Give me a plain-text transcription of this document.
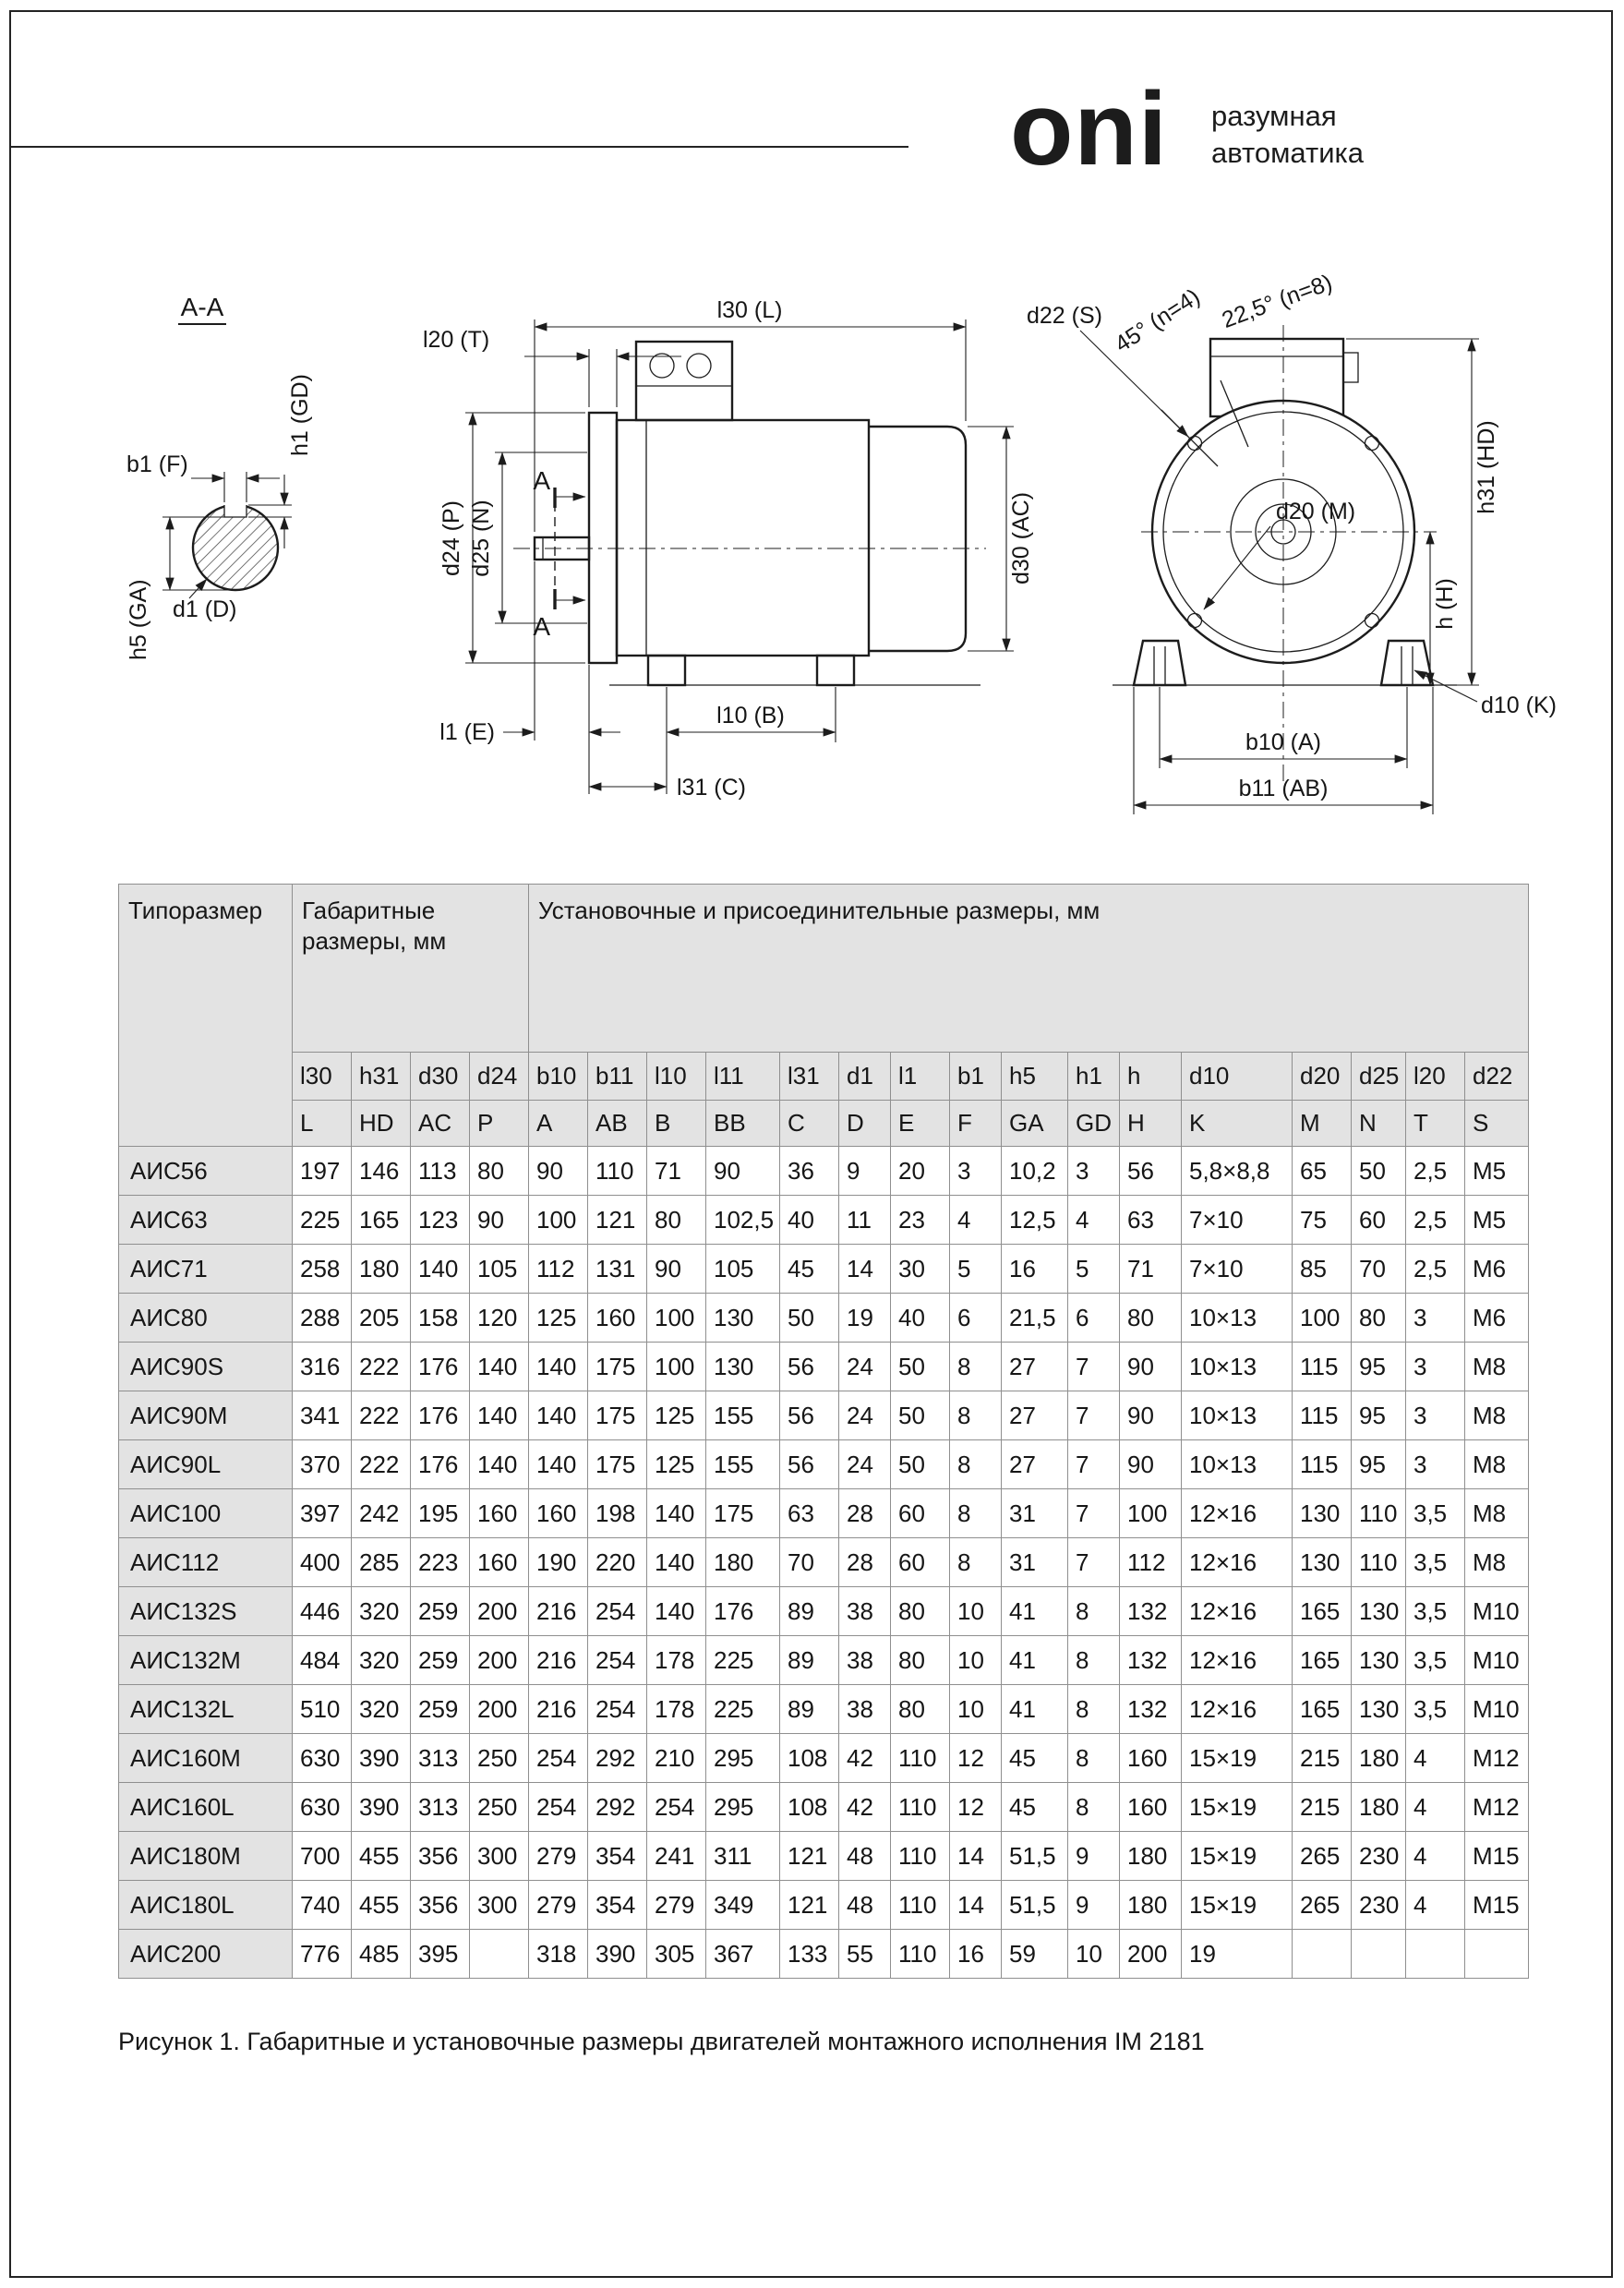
oni разумная
автоматика
A-A
b1 (F)
h1 (GD)
d1 (D)
h5 (GA)
A
A
l30 (L)
l20 (T)
d24 (P) d25 (N)	d30 (AC)
l1 (E)
l10 (B)
l31 (C)
d22 (S) 45° (n=4) 22,5° (n=8)
d20 (M)	h31 (HD)
h (H)
d10 (K)
b10 (A)
b11 (AB)
Типоразмер	Габаритные размеры, мм				Установочные и присоединительные размеры, мм															
	l30	h31	d30	d24	b10	b11	l10	l11	l31	d1	l1	b1	h5	h1	h	d10	d20	d25	l20	d22
	L	HD	AC	P	A	AB	B	BB	C	D	E	F	GA	GD	H	K	M	N	T	S
АИС56	197	146	113	80	90	110	71	90	36	9	20	3	10,2	3	56	5,8×8,8	65	50	2,5	M5
АИС63	225	165	123	90	100	121	80	102,5	40	11	23	4	12,5	4	63	7×10	75	60	2,5	M5
АИС71	258	180	140	105	112	131	90	105	45	14	30	5	16	5	71	7×10	85	70	2,5	M6
АИС80	288	205	158	120	125	160	100	130	50	19	40	6	21,5	6	80	10×13	100	80	3	M6
АИС90S	316	222	176	140	140	175	100	130	56	24	50	8	27	7	90	10×13	115	95	3	M8
АИС90M	341	222	176	140	140	175	125	155	56	24	50	8	27	7	90	10×13	115	95	3	M8
АИС90L	370	222	176	140	140	175	125	155	56	24	50	8	27	7	90	10×13	115	95	3	M8
АИС100	397	242	195	160	160	198	140	175	63	28	60	8	31	7	100	12×16	130	110	3,5	M8
АИС112	400	285	223	160	190	220	140	180	70	28	60	8	31	7	112	12×16	130	110	3,5	M8
АИС132S	446	320	259	200	216	254	140	176	89	38	80	10	41	8	132	12×16	165	130	3,5	M10
АИС132M	484	320	259	200	216	254	178	225	89	38	80	10	41	8	132	12×16	165	130	3,5	M10
АИС132L	510	320	259	200	216	254	178	225	89	38	80	10	41	8	132	12×16	165	130	3,5	M10
АИС160M	630	390	313	250	254	292	210	295	108	42	110	12	45	8	160	15×19	215	180	4	M12
АИС160L	630	390	313	250	254	292	254	295	108	42	110	12	45	8	160	15×19	215	180	4	M12
АИС180M	700	455	356	300	279	354	241	311	121	48	110	14	51,5	9	180	15×19	265	230	4	M15
АИС180L	740	455	356	300	279	354	279	349	121	48	110	14	51,5	9	180	15×19	265	230	4	M15
АИС200	776	485	395		318	390	305	367	133	55	110	16	59	10	200	19				
Рисунок 1. Габаритные и установочные размеры двигателей монтажного исполнения IM 2181
